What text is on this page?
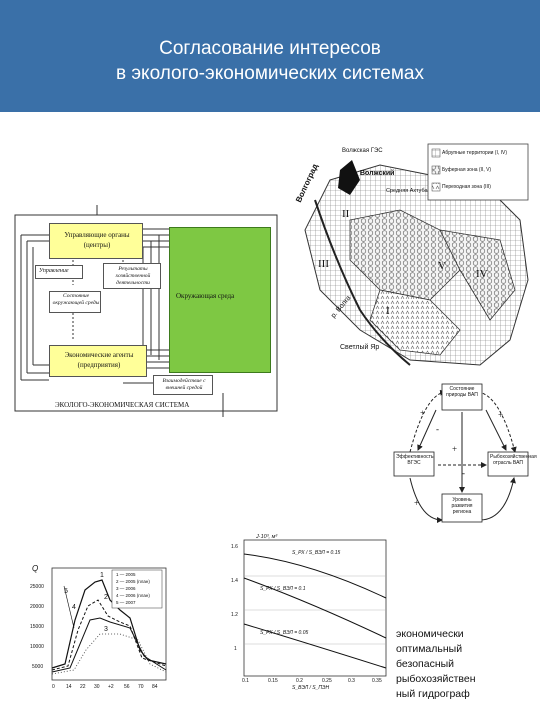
Согласование интересов
в эколого-экономических системах
Управляющие органы (центры)
Управление	Результаты хозяйственной деятельности
Состояние окружающей среды
Окружающая среда
Экономические агенты (предприятия)
Взаимодействие с внешней средой
ЭКОЛОГО-ЭКОНОМИЧЕСКАЯ СИСТЕМА
Абрупные территории (I, IV)
Буферная зона (II, V)
Переходная зона (III)
Волжская ГЭС
Волжский
Волгоград	Средняя Ахтуба
р. Волга
Светлый Яр
I
II
III
IV
V
Состояние природы ВАП
Эффективность ВГЭС
Рыбохозяйственная отрасль ВАП
Уровень развития региона
+
-
+
+
-
+
Q
25000
20000
15000
10000
5000
0 14 22 30 +2 56 70 84
1 — 2005
2 — 2005 (план)
3 — 2006
4 — 2006 (план)
5 — 2007
1
2
3
4
5
J·10³, м³
1.6
1.4
1.2
1
0.1	0.15	0.2	0.25	0.3	0.35
S_ВЭЛ / S_ПЭН
S_РХ / S_ВЭЛ = 0.15
S_РХ / S_ВЭЛ = 0.1
S_РХ / S_ВЭЛ = 0.05	экономически
оптимальный
безопасный
рыбохозяйствен
ный гидрограф
